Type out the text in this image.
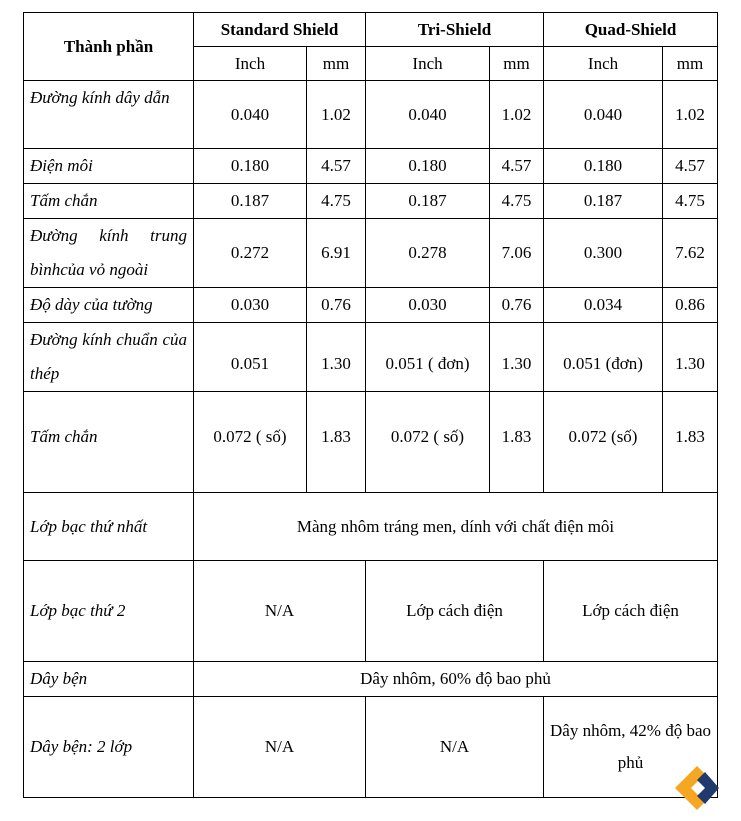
Thành phần	Standard Shield		Tri-Shield		Quad-Shield	
	Inch	mm	Inch	mm	Inch	mm

Đường kính dây dẫn	0.040	1.02	0.040	1.02	0.040	1.02
Điện môi	0.180	4.57	0.180	4.57	0.180	4.57
Tấm chắn	0.187	4.75	0.187	4.75	0.187	4.75

Đường kính trung bìnhcủa vỏ ngoài	0.272	6.91	0.278	7.06	0.300	7.62
Độ dày của tường	0.030	0.76	0.030	0.76	0.034	0.86

Đường kính chuẩn của thép	0.051	1.30	0.051 ( đơn)	1.30	0.051 (đơn)	1.30
Tấm chắn	0.072 ( số)	1.83	0.072 ( số)	1.83	0.072 (số)	1.83
Lớp bạc thứ nhất	Màng nhôm tráng men, dính với chất điện môi					
Lớp bạc thứ 2	N/A		Lớp cách điện		Lớp cách điện	
Dây bện	Dây nhôm, 60% độ bao phủ					
Dây bện: 2 lớp	N/A		N/A		Dây nhôm, 42% độ bao phủ	
